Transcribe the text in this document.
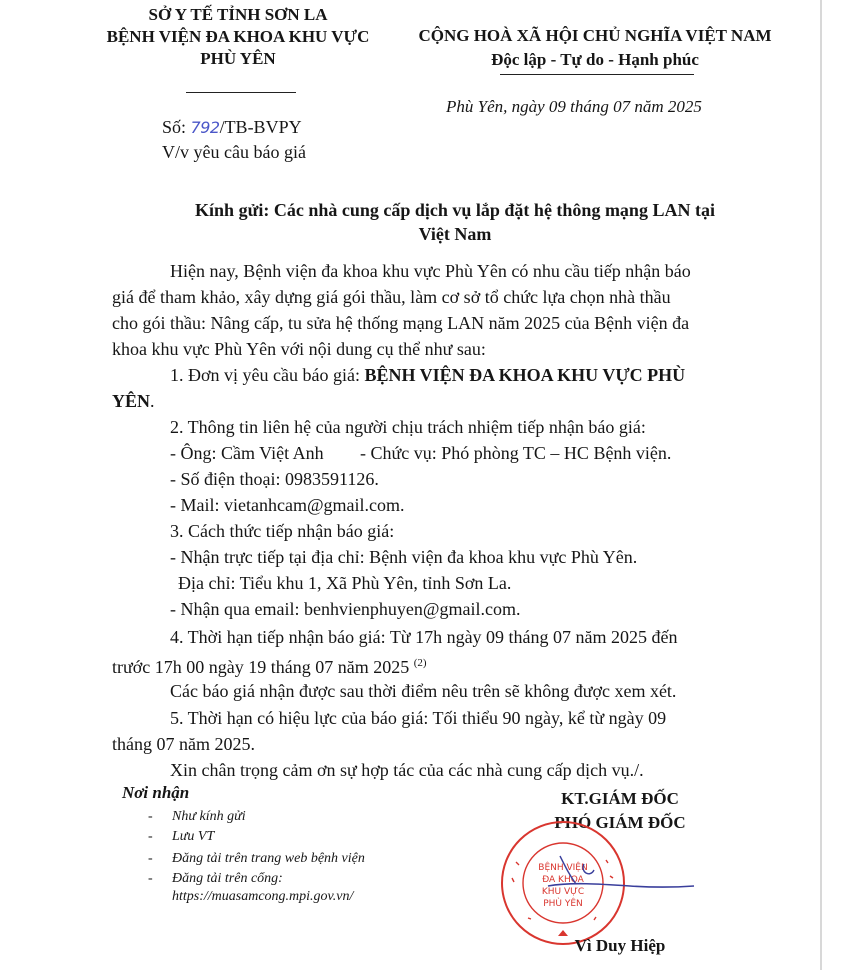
SỞ Y TẾ TỈNH SƠN LA
BỆNH VIỆN ĐA KHOA KHU VỰC
PHÙ YÊN
CỘNG HOÀ XÃ HỘI CHỦ NGHĨA VIỆT NAM
Độc lập - Tự do - Hạnh phúc
Số: 792/TB-BVPY
V/v yêu câu báo giá
Phù Yên, ngày 09 tháng 07 năm 2025
Kính gửi: Các nhà cung cấp dịch vụ lắp đặt hệ thông mạng LAN tại
Việt Nam
Hiện nay, Bệnh viện đa khoa khu vực Phù Yên có nhu cầu tiếp nhận báo
giá để tham khảo, xây dựng giá gói thầu, làm cơ sở tổ chức lựa chọn nhà thầu
cho gói thầu: Nâng cấp, tu sửa hệ thống mạng LAN năm 2025 của Bệnh viện đa
khoa khu vực Phù Yên với nội dung cụ thể như sau:
1. Đơn vị yêu cầu báo giá: BỆNH VIỆN ĐA KHOA KHU VỰC PHÙ
YÊN.
2. Thông tin liên hệ của người chịu trách nhiệm tiếp nhận báo giá:
- Ông: Cầm Việt Anh	- Chức vụ: Phó phòng TC – HC Bệnh viện.
- Số điện thoại: 0983591126.
- Mail: vietanhcam@gmail.com.
3. Cách thức tiếp nhận báo giá:
- Nhận trực tiếp tại địa chỉ: Bệnh viện đa khoa khu vực Phù Yên.
Địa chỉ: Tiểu khu 1, Xã Phù Yên, tỉnh Sơn La.
- Nhận qua email: benhvienphuyen@gmail.com.
4. Thời hạn tiếp nhận báo giá: Từ 17h ngày 09 tháng 07 năm 2025 đến
trước 17h 00 ngày 19 tháng 07 năm 2025 $^{(2)}$
Các báo giá nhận được sau thời điểm nêu trên sẽ không được xem xét.
5. Thời hạn có hiệu lực của báo giá: Tối thiểu 90 ngày, kể từ ngày 09
tháng 07 năm 2025.
Xin chân trọng cảm ơn sự hợp tác của các nhà cung cấp dịch vụ./.
Nơi nhận
- Như kính gửi
- Lưu VT
- Đăng tải trên trang web bệnh viện
- Đăng tải trên cổng:
https://muasamcong.mpi.gov.vn/
KT.GIÁM ĐỐC
PHÓ GIÁM ĐỐC
BỆNH VIỆN
ĐA KHOA
KHU VỰC
PHÙ YÊN
Vì Duy Hiệp
